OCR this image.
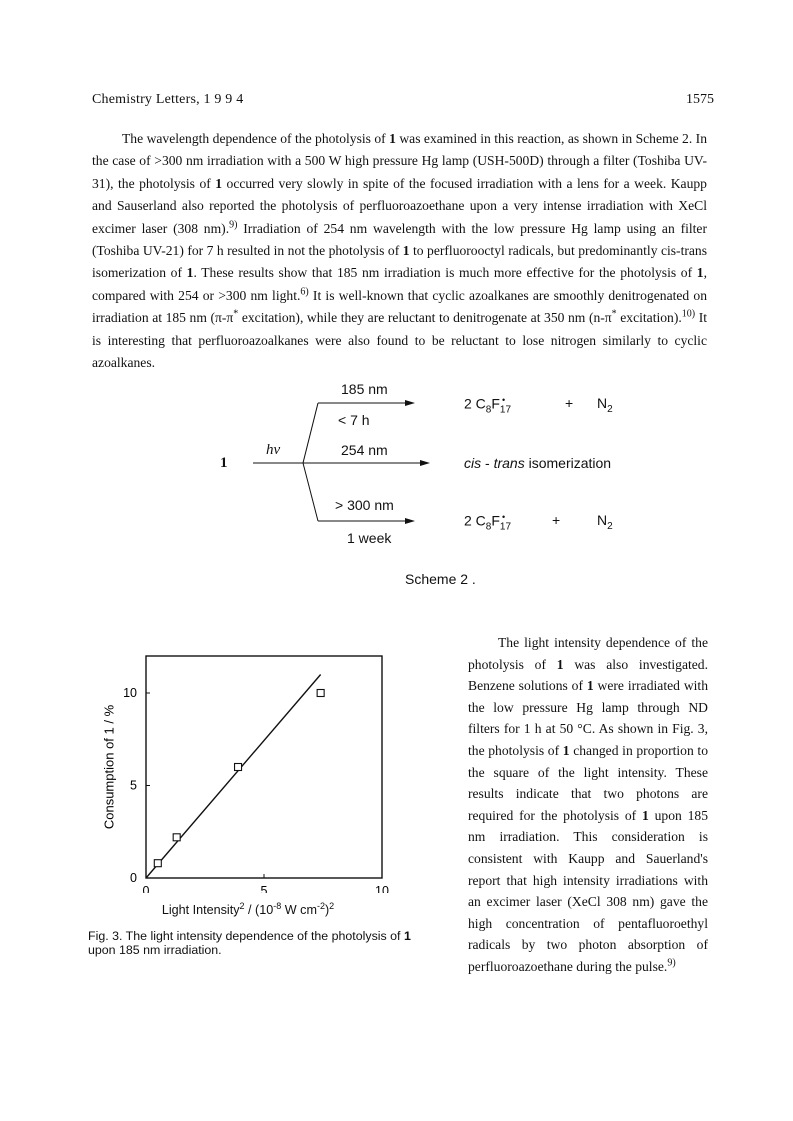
Chemistry Letters, 1 9 9 4	1575
The wavelength dependence of the photolysis of 1 was examined in this reaction, as shown in Scheme 2. In the case of >300 nm irradiation with a 500 W high pressure Hg lamp (USH-500D) through a filter (Toshiba UV-31), the photolysis of 1 occurred very slowly in spite of the focused irradiation with a lens for a week. Kaupp and Sauserland also reported the photolysis of perfluoroazoethane upon a very intense irradiation with XeCl excimer laser (308 nm).$^{9)}$ Irradiation of 254 nm wavelength with the low pressure Hg lamp using an filter (Toshiba UV-21) for 7 h resulted in not the photolysis of 1 to perfluorooctyl radicals, but predominantly cis-trans isomerization of 1. These results show that 185 nm irradiation is much more effective for the photolysis of 1, compared with 254 or >300 nm light.$^{6)}$ It is well-known that cyclic azoalkanes are smoothly denitrogenated on irradiation at 185 nm (π-π* excitation), while they are reluctant to denitrogenate at 350 nm (n-π* excitation).$^{10)}$ It is interesting that perfluoroazoalkanes were also found to be reluctant to lose nitrogen similarly to cyclic azoalkanes.
1
hν
185 nm
< 7 h
254 nm
> 300 nm
1 week
2 $C_8F_{17}^•$	+ $N_2$
cis - trans isomerization
2 $C_8F_{17}^•$	+	$N_2$
Scheme 2 .
Consumption of 1 / %
0	5	10
0
5
10
Light Intensity$^2$ / ($10^{-8}$ W $cm^{-2})^2$
Fig. 3. The light intensity dependence of the photolysis of 1 upon 185 nm irradiation.
The light intensity dependence of the photolysis of 1 was also investigated. Benzene solutions of 1 were irradiated with the low pressure Hg lamp through ND filters for 1 h at 50 °C. As shown in Fig. 3, the photolysis of 1 changed in proportion to the square of the light intensity. These results indicate that two photons are required for the photolysis of 1 upon 185 nm irradiation. This consideration is consistent with Kaupp and Sauerland's report that high intensity irradiations with an excimer laser (XeCl 308 nm) gave the high concentration of pentafluoroethyl radicals by two photon absorption of perfluoroazoethane during the pulse.$^{9)}$
